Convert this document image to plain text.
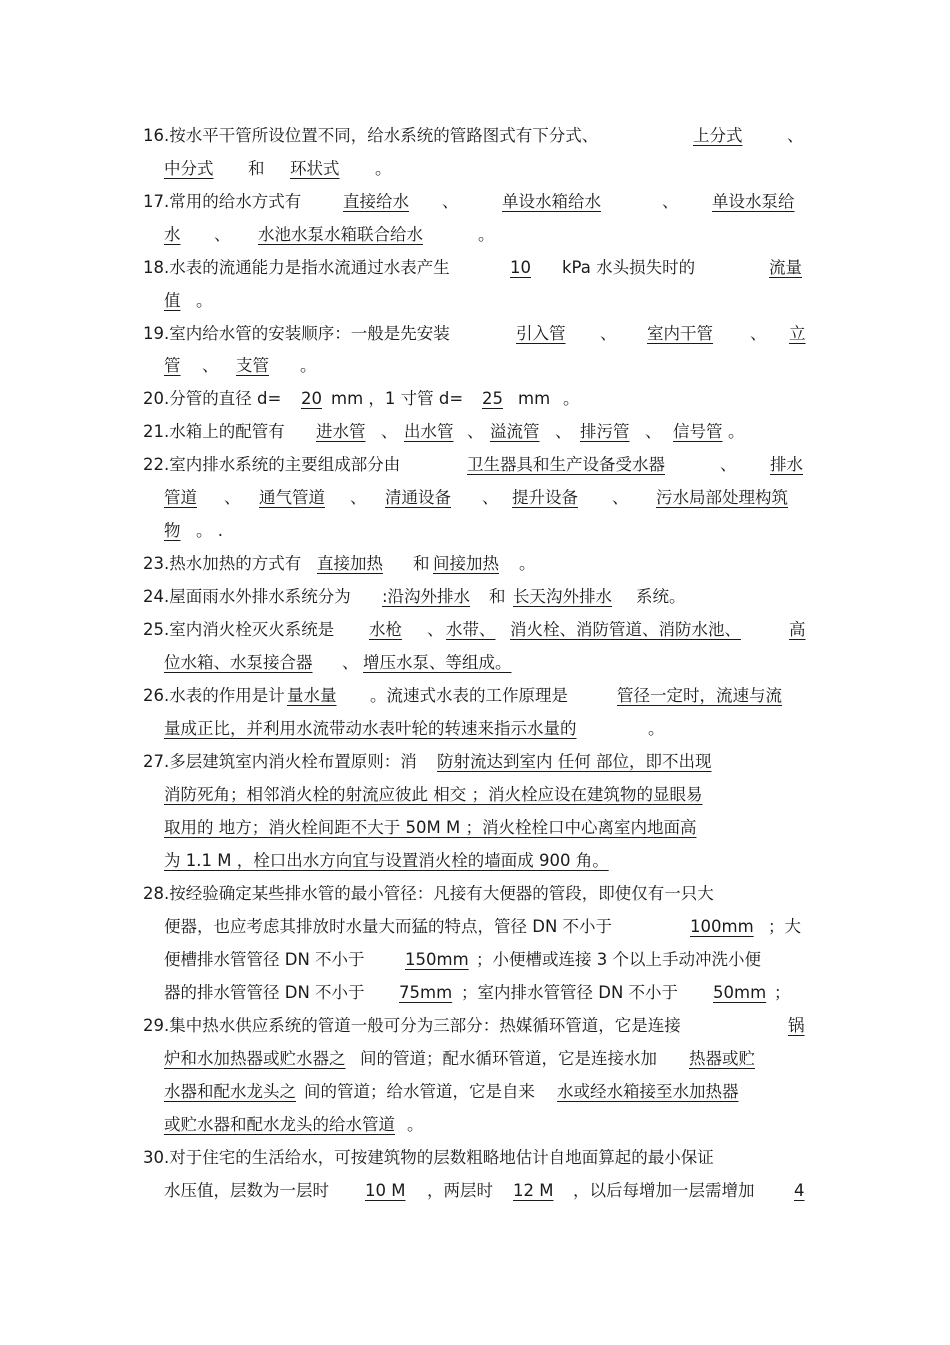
16.按水平干管所设位置不同，给水系统的管路图式有下分式、	上分式	、
中分式 和 环状式 。
17.常用的给水方式有	直接给水 、	单设水箱给水	、 单设水泵给
水 、 水池水泵水箱联合给水	。
18.水表的流通能力是指水流通过水表产生	10 kPa 水头损失时的	流量
值 。
19.室内给水管的安装顺序：一般是先安装	引入管 、 室内干管 、 立
管 、 支管 。
20.分管的直径 d= 20 mm ，1 寸管 d= 25 mm 。
21.水箱上的配管有 进水管 、 出水管 、 溢流管 、 排污管 、 信号管 。
22.室内排水系统的主要组成部分由	卫生器具和生产设备受水器	、 排水
管道 、 通气管道 、 清通设备 、 提升设备 、 污水局部处理构筑
物 。 .
23.热水加热的方式有 直接加热 和 间接加热 。
24.屋面雨水外排水系统分为 :沿沟外排水 和 长天沟外排水 系统。
25.室内消火栓灭火系统是 水枪 、 水带、 消火栓、消防管道、消防水池、	高
位水箱、水泵接合器 、 增压水泵、等组成。
26.水表的作用是计 量水量 。流速式水表的工作原理是	管径一定时，流速与流
量成正比，并利用水流带动水表叶轮的转速来指示水量的	。
27.多层建筑室内消火栓布置原则：消 防射流达到室内 任何 部位，即不出现
消防死角；相邻消火栓的射流应彼此 相交 ；消火栓应设在建筑物的显眼易
取用的 地方；消火栓间距不大于 50M M ；消火栓栓口中心离室内地面高
为 1.1 M ，栓口出水方向宜与设置消火栓的墙面成 900 角。
28.按经验确定某些排水管的最小管径：凡接有大便器的管段，即使仅有一只大
便器，也应考虑其排放时水量大而猛的特点，管径 DN 不小于	100mm ；大
便槽排水管管径 DN 不小于 150mm ；小便槽或连接 3 个以上手动冲洗小便
器的排水管管径 DN 不小于 75mm ；室内排水管管径 DN 不小于 50mm ；
29.集中热水供应系统的管道一般可分为三部分：热媒循环管道，它是连接	锅
炉和水加热器或贮水器之 间的管道；配水循环管道，它是连接水加 热器或贮
水器和配水龙头之 间的管道；给水管道，它是自来 水或经水箱接至水加热器
或贮水器和配水龙头的给水管道 。
30.对于住宅的生活给水，可按建筑物的层数粗略地估计自地面算起的最小保证
水压值，层数为一层时 10 M ，两层时 12 M ，以后每增加一层需增加 4
